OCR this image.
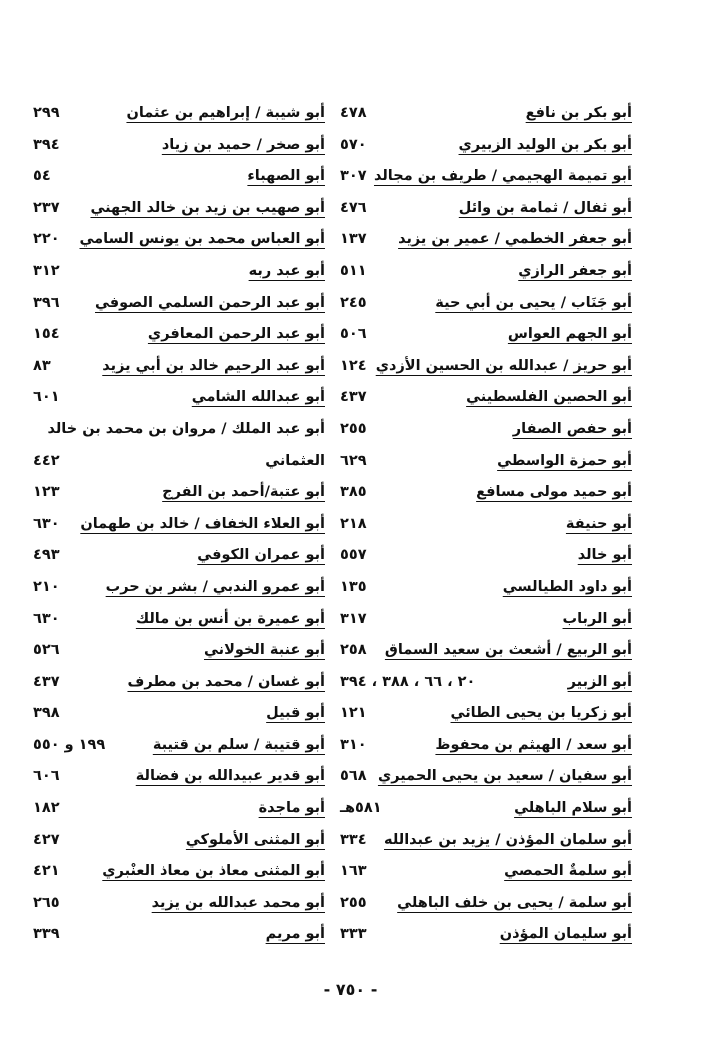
أبو بكر بن نافع
٤٧٨
أبو بكر بن الوليد الزبيري
٥٧٠
أبو تميمة الهجيمي / طريف بن مجالد
٣٠٧
أبو ثفال / ثمامة بن وائل
٤٧٦
أبو جعفر الخطمي / عمير بن يزيد
١٣٧
أبو جعفر الرازي
٥١١
أبو جَنَاب / يحيى بن أبي حية
٢٤٥
أبو الجهم العواس
٥٠٦
أبو حريز / عبدالله بن الحسين الأزدي
١٢٤
أبو الحصين الفلسطيني
٤٣٧
أبو حفص الصفار
٢٥٥
أبو حمزة الواسطي
٦٢٩
أبو حميد مولى مسافع
٣٨٥
أبو حنيفة
٢١٨
أبو خالد
٥٥٧
أبو داود الطيالسي
١٣٥
أبو الرباب
٣١٧
أبو الربيع / أشعث بن سعيد السماق
٢٥٨
أبو الزبير
٢٠ ، ٦٦ ، ٣٨٨ ، ٣٩٤
أبو زكريا بن يحيى الطائي
١٢١
أبو سعد / الهيثم بن محفوظ
٣١٠
أبو سفيان / سعيد بن يحيى الحميري
٥٦٨
أبو سلام الباهلي
٥٨١هـ
أبو سلمان المؤذن / يزيد بن عبدالله
٣٣٤
أبو سلمةٌ الحمصي
١٦٣
أبو سلمة / يحيى بن خلف الباهلي
٢٥٥
أبو سليمان المؤذن
٣٣٣
أبو شيبة / إبراهيم بن عثمان
٢٩٩
أبو صخر / حميد بن زياد
٣٩٤
أبو الصهباء
٥٤
أبو صهيب بن زيد بن خالد الجهني
٢٣٧
أبو العباس محمد بن يونس السامي
٢٢٠
أبو عبد ربه
٣١٢
أبو عبد الرحمن السلمي الصوفي
٣٩٦
أبو عبد الرحمن المعافري
١٥٤
أبو عبد الرحيم خالد بن أبي يزيد
٨٣
أبو عبدالله الشامي
٦٠١
أبو عبد الملك / مروان بن محمد بن خالد
العثماني
٤٤٢
أبو عتبة/أحمد بن الفرج
١٢٣
أبو العلاء الخفاف / خالد بن طهمان
٦٣٠
أبو عمران الكوفي
٤٩٣
أبو عمرو الندبي / بشر بن حرب
٢١٠
أبو عميرة بن أنس بن مالك
٦٣٠
أبو عنبة الخولاني
٥٢٦
أبو غسان / محمد بن مطرف
٤٣٧
أبو قبيل
٣٩٨
أبو قتيبة / سلم بن قتيبة
١٩٩ و ٥٥٠
أبو قدير عبيدالله بن فضالة
٦٠٦
أبو ماجدة
١٨٢
أبو المثنى الأملوكي
٤٢٧
أبو المثنى معاذ بن معاذ العنْبري
٤٢١
أبو محمد عبدالله بن يزيد
٢٦٥
أبو مريم
٣٣٩
- ٧٥٠ -
